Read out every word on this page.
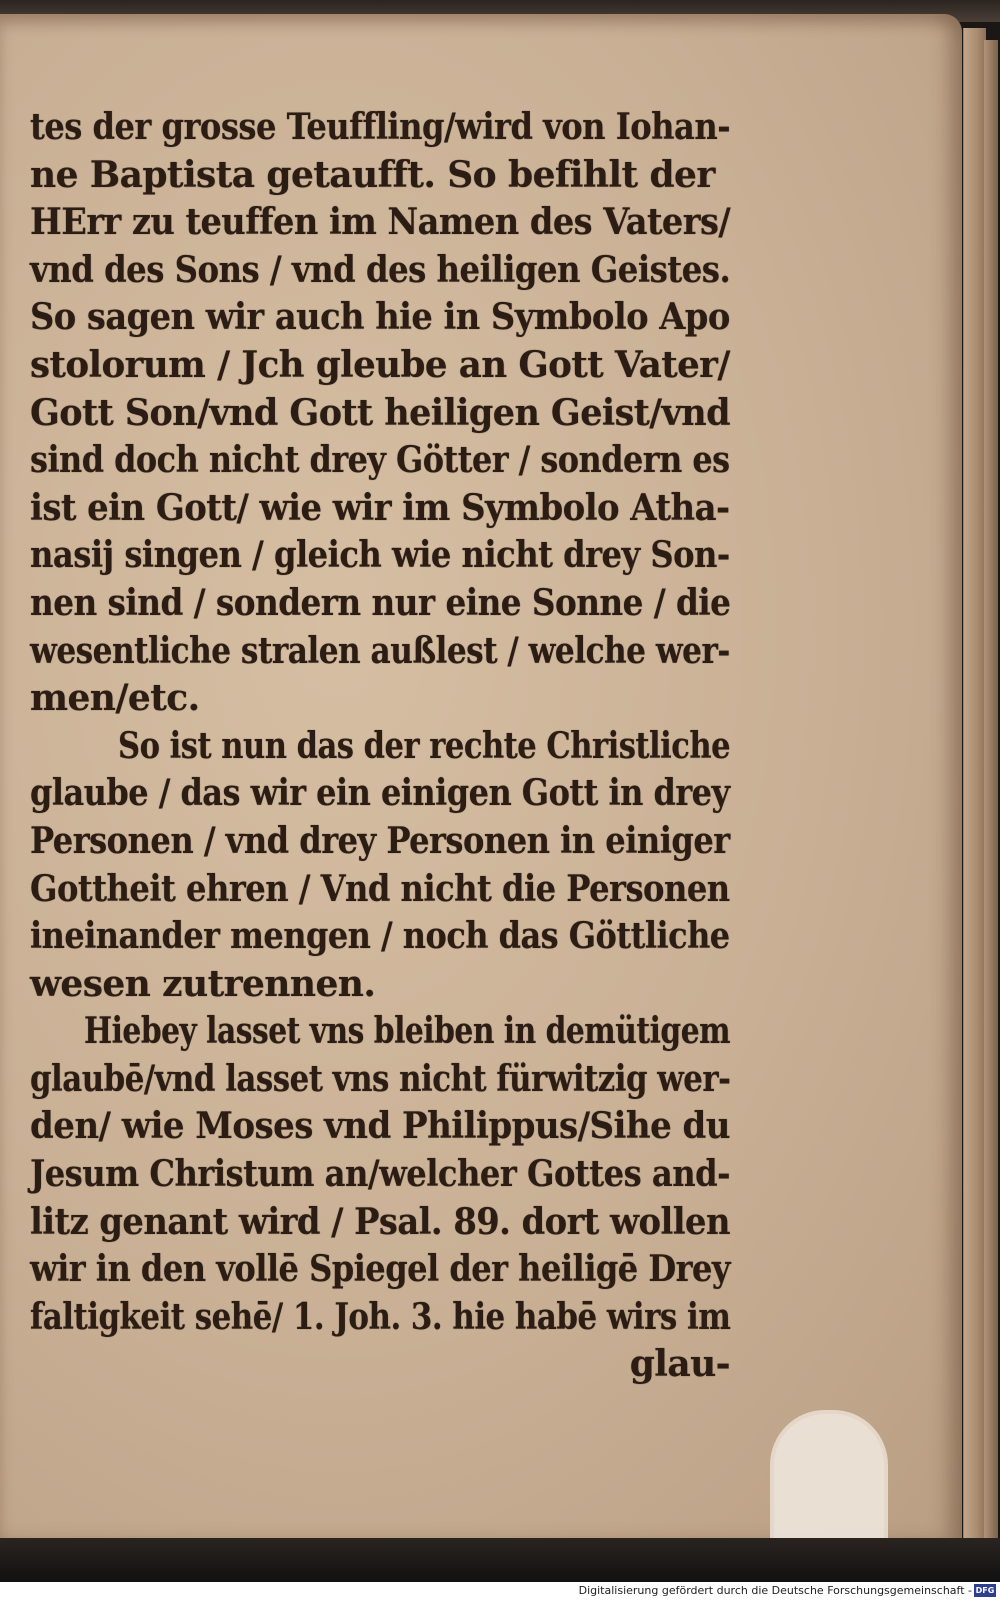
tes der grosse Teuffling/wird von Iohan-
ne Baptista getaufft. So befihlt der
HErr zu teuffen im Namen des Vaters/
vnd des Sons / vnd des heiligen Geistes.
So sagen wir auch hie in Symbolo Apo
stolorum / Jch gleube an Gott Vater/
Gott Son/vnd Gott heiligen Geist/vnd
sind doch nicht drey Götter / sondern es
ist ein Gott/ wie wir im Symbolo Atha-
nasij singen / gleich wie nicht drey Son-
nen sind / sondern nur eine Sonne / die
wesentliche stralen außlest / welche wer-
men/etc.
So ist nun das der rechte Christliche
glaube / das wir ein einigen Gott in drey
Personen / vnd drey Personen in einiger
Gottheit ehren / Vnd nicht die Personen
ineinander mengen / noch das Göttliche
wesen zutrennen.
Hiebey lasset vns bleiben in demütigem
glaubē/vnd lasset vns nicht fürwitzig wer-
den/ wie Moses vnd Philippus/Sihe du
Jesum Christum an/welcher Gottes and-
litz genant wird / Psal. 89. dort wollen
wir in den vollē Spiegel der heiligē Drey
faltigkeit sehē/ 1. Joh. 3. hie habē wirs im
glau-
Digitalisierung gefördert durch die Deutsche Forschungsgemeinschaft - DFG
